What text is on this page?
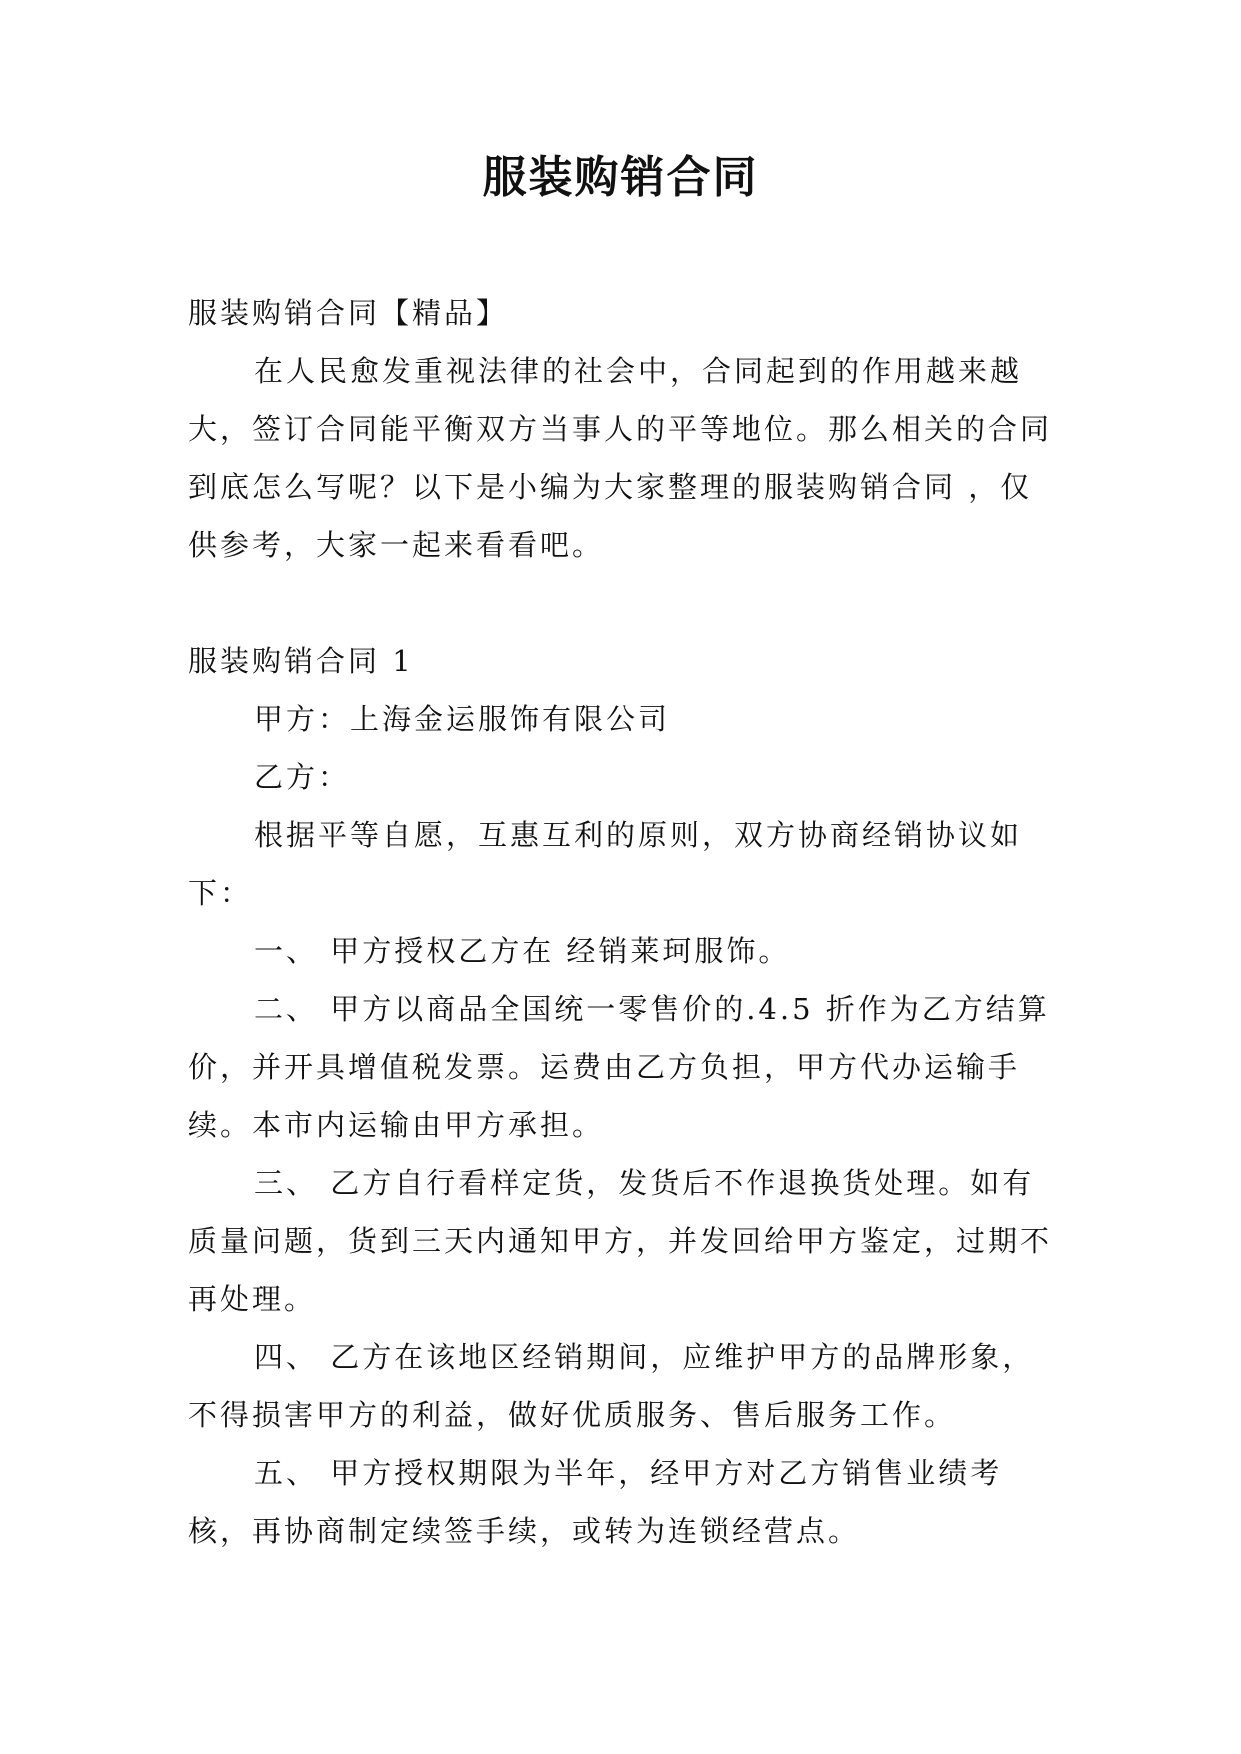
服装购销合同

服装购销合同【精品】

在人民愈发重视法律的社会中，合同起到的作用越来越大，签订合同能平衡双方当事人的平等地位。那么相关的合同到底怎么写呢？以下是小编为大家整理的服装购销合同 ，仅供参考，大家一起来看看吧。

服装购销合同 1

甲方：上海金运服饰有限公司

乙方：

根据平等自愿，互惠互利的原则，双方协商经销协议如下：

一、 甲方授权乙方在 经销莱珂服饰。

二、 甲方以商品全国统一零售价的.4.5 折作为乙方结算价，并开具增值税发票。运费由乙方负担，甲方代办运输手续。本市内运输由甲方承担。

三、 乙方自行看样定货，发货后不作退换货处理。如有质量问题，货到三天内通知甲方，并发回给甲方鉴定，过期不再处理。

四、 乙方在该地区经销期间，应维护甲方的品牌形象，不得损害甲方的利益，做好优质服务、售后服务工作。

五、 甲方授权期限为半年，经甲方对乙方销售业绩考核，再协商制定续签手续，或转为连锁经营点。
